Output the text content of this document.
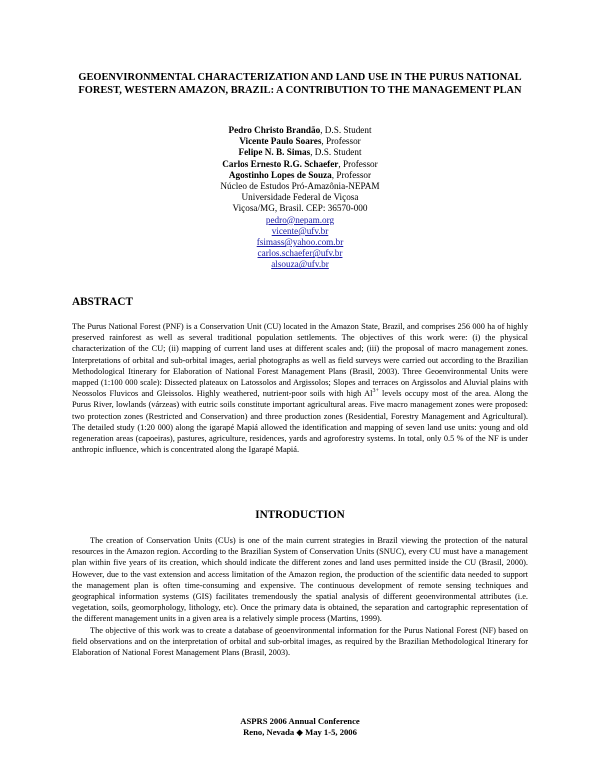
GEOENVIRONMENTAL CHARACTERIZATION AND LAND USE IN THE PURUS NATIONAL FOREST, WESTERN AMAZON, BRAZIL: A CONTRIBUTION TO THE MANAGEMENT PLAN
Pedro Christo Brandão, D.S. Student
Vicente Paulo Soares, Professor
Felipe N. B. Simas, D.S. Student
Carlos Ernesto R.G. Schaefer, Professor
Agostinho Lopes de Souza, Professor
Núcleo de Estudos Pró-Amazônia-NEPAM
Universidade Federal de Viçosa
Viçosa/MG, Brasil. CEP: 36570-000
pedro@nepam.org
vicente@ufv.br
fsimass@yahoo.com.br
carlos.schaefer@ufv.br
alsouza@ufv.br
ABSTRACT

The Purus National Forest (PNF) is a Conservation Unit (CU) located in the Amazon State, Brazil, and comprises 256 000 ha of highly preserved rainforest as well as several traditional population settlements. The objectives of this work were: (i) the physical characterization of the CU; (ii) mapping of current land uses at different scales and; (iii) the proposal of macro management zones. Interpretations of orbital and sub-orbital images, aerial photographs as well as field surveys were carried out according to the Brazilian Methodological Itinerary for Elaboration of National Forest Management Plans (Brasil, 2003). Three Geoenvironmental Units were mapped (1:100 000 scale): Dissected plateaux on Latossolos and Argissolos; Slopes and terraces on Argissolos and Aluvial plains with Neossolos Fluvicos and Gleissolos. Highly weathered, nutrient-poor soils with high $Al^{3+}$ levels occupy most of the area. Along the Purus River, lowlands (várzeas) with eutric soils constitute important agricultural areas. Five macro management zones were proposed: two protection zones (Restricted and Conservation) and three production zones (Residential, Forestry Management and Agricultural). The detailed study (1:20 000) along the igarapé Mapiá allowed the identification and mapping of seven land use units: young and old regeneration areas (capoeiras), pastures, agriculture, residences, yards and agroforestry systems. In total, only 0.5 % of the NF is under anthropic influence, which is concentrated along the Igarapé Mapiá.

INTRODUCTION

The creation of Conservation Units (CUs) is one of the main current strategies in Brazil viewing the protection of the natural resources in the Amazon region. According to the Brazilian System of Conservation Units (SNUC), every CU must have a management plan within five years of its creation, which should indicate the different zones and land uses permitted inside the CU (Brasil, 2000). However, due to the vast extension and access limitation of the Amazon region, the production of the scientific data needed to support the management plan is often time-consuming and expensive. The continuous development of remote sensing techniques and geographical information systems (GIS) facilitates tremendously the spatial analysis of different geoenvironmental attributes (i.e. vegetation, soils, geomorphology, lithology, etc). Once the primary data is obtained, the separation and cartographic representation of the different management units in a given area is a relatively simple process (Martins, 1999).

The objective of this work was to create a database of geoenvironmental information for the Purus National Forest (NF) based on field observations and on the interpretation of orbital and sub-orbital images, as required by the Brazilian Methodological Itinerary for Elaboration of National Forest Management Plans (Brasil, 2003).

ASPRS 2006 Annual Conference
Reno, Nevada ◆ May 1-5, 2006
